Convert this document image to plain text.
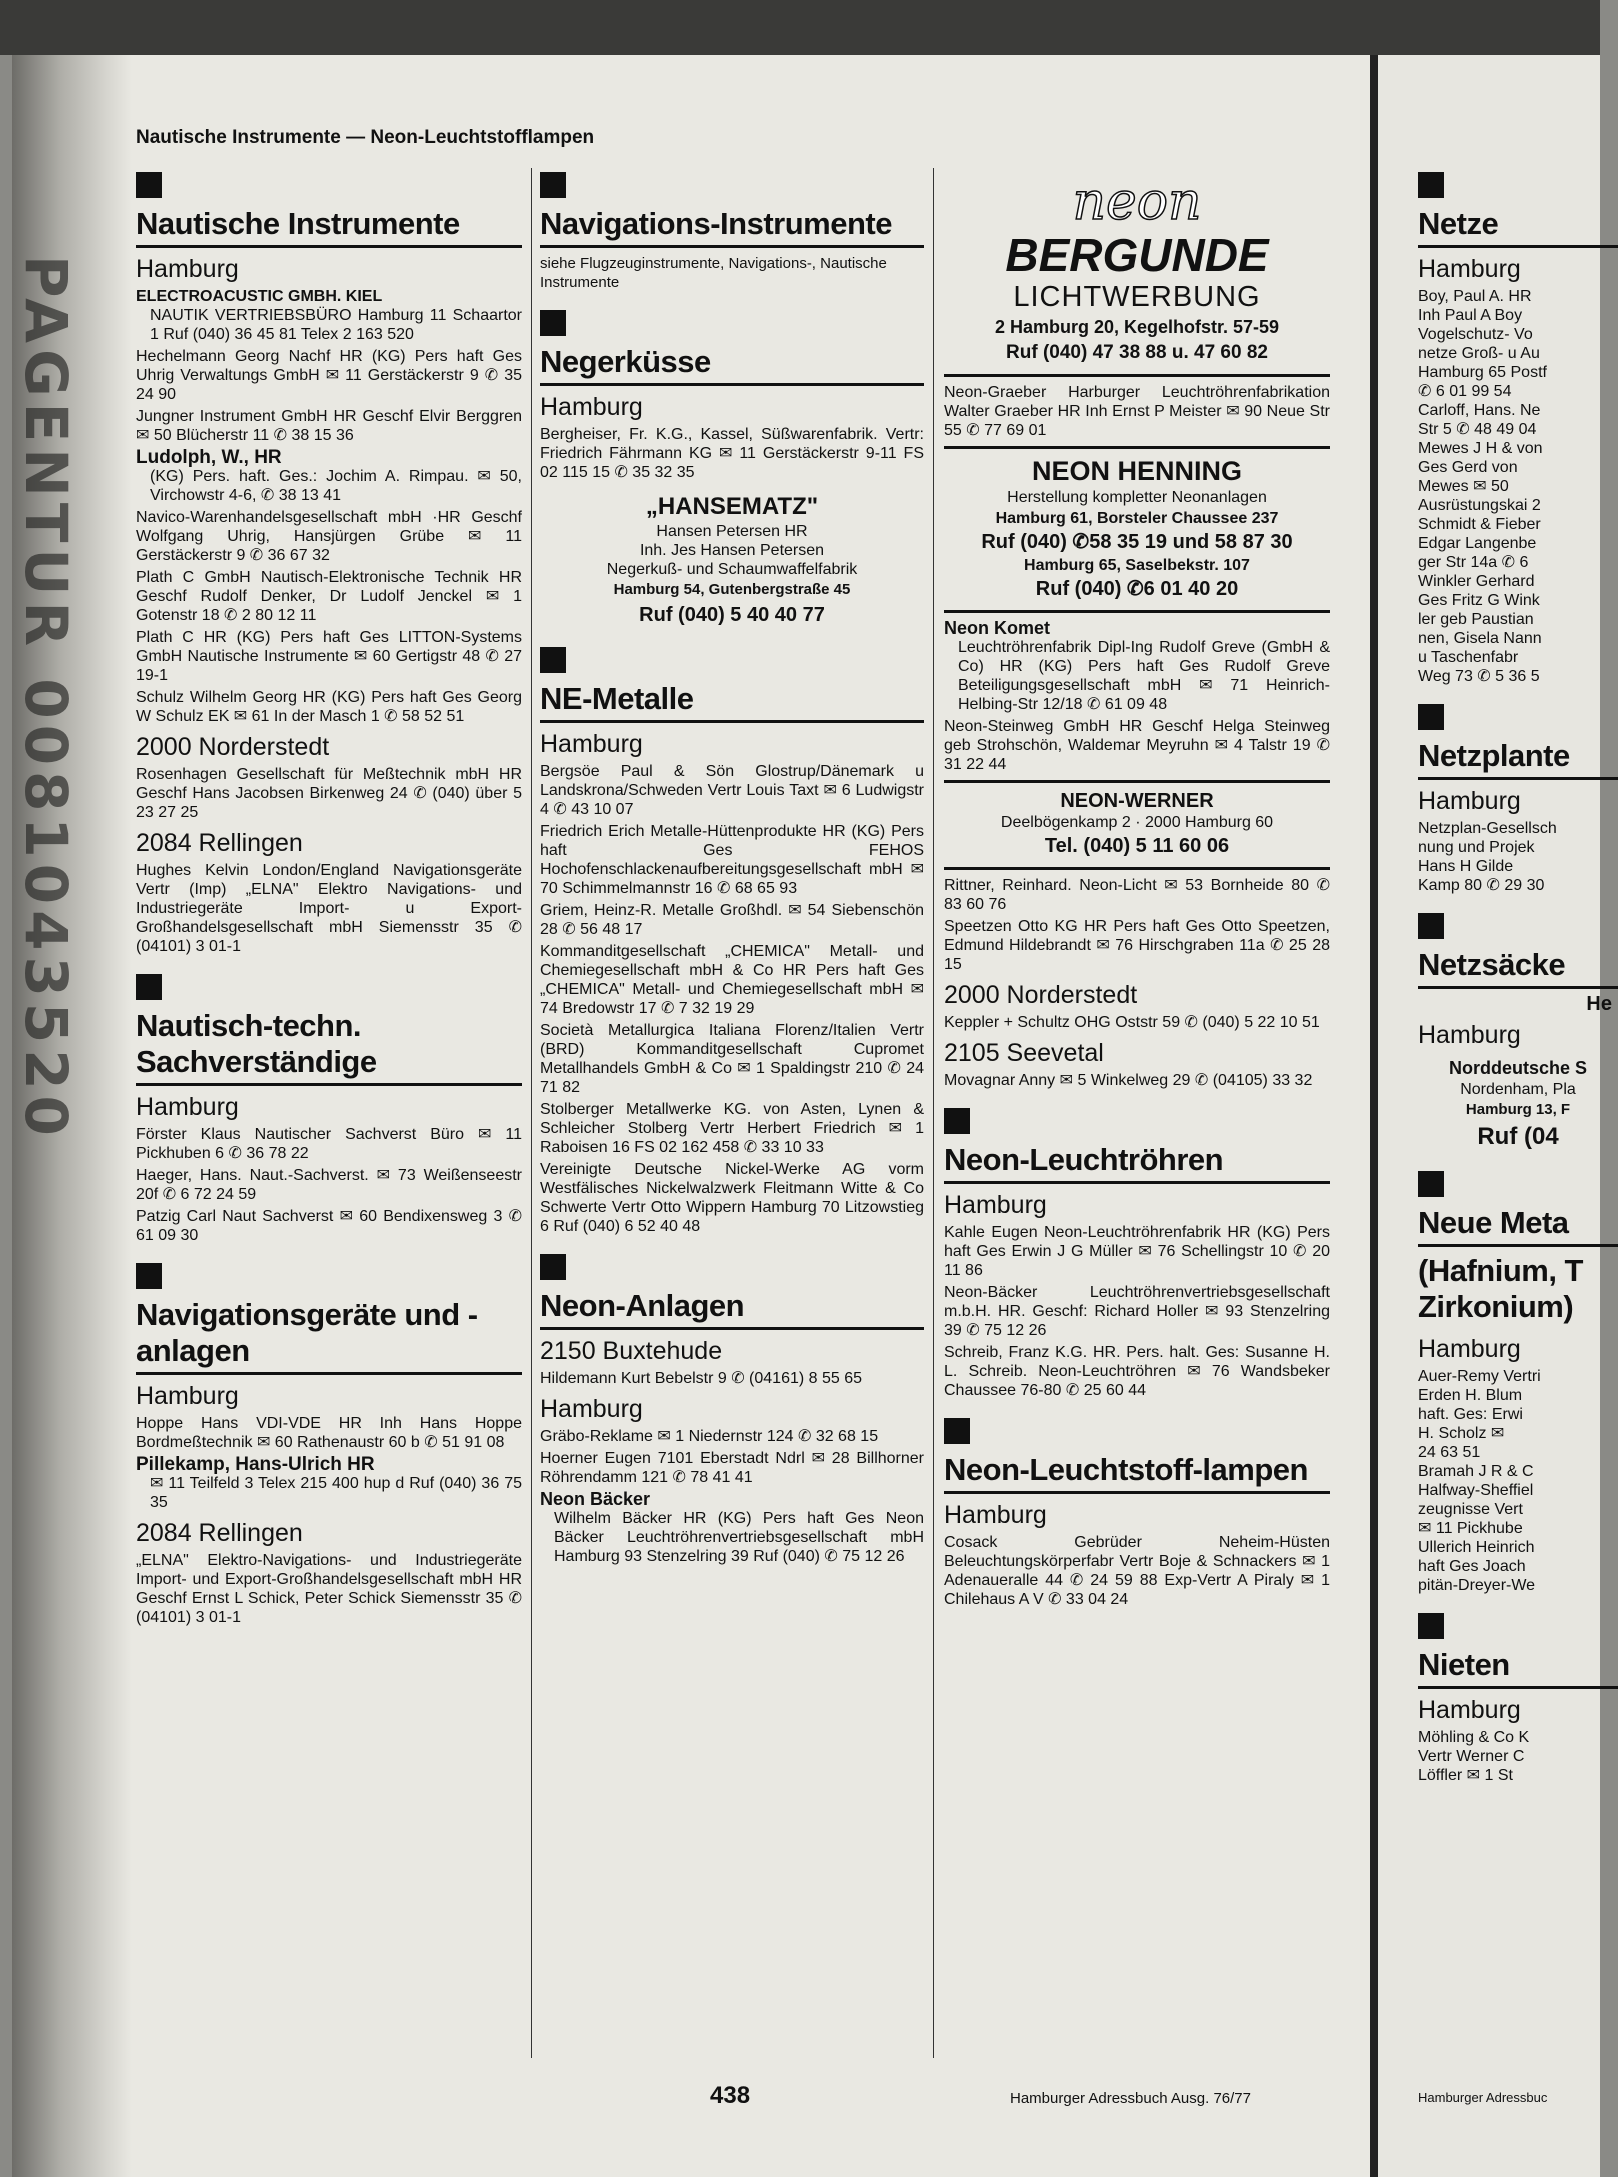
PAGENTUR 0081043520
Nautische Instrumente — Neon-Leuchtstofflampen
Nautische Instrumente
Hamburg
ELECTROACUSTIC GMBH. KIEL
NAUTIK VERTRIEBSBÜRO Hamburg 11 Schaartor 1 Ruf (040) 36 45 81 Telex 2 163 520
Hechelmann Georg Nachf HR (KG) Pers haft Ges Uhrig Verwaltungs GmbH ✉ 11 Gerstäckerstr 9 ✆ 35 24 90
Jungner Instrument GmbH HR Geschf Elvir Berggren ✉ 50 Blücherstr 11 ✆ 38 15 36
Ludolph, W., HR
(KG) Pers. haft. Ges.: Jochim A. Rimpau. ✉ 50, Virchowstr 4-6, ✆ 38 13 41
Navico-Warenhandelsgesellschaft mbH ·HR Geschf Wolfgang Uhrig, Hansjürgen Grübe ✉ 11 Gerstäckerstr 9 ✆ 36 67 32
Plath C GmbH Nautisch-Elektronische Technik HR Geschf Rudolf Denker, Dr Ludolf Jenckel ✉ 1 Gotenstr 18 ✆ 2 80 12 11
Plath C HR (KG) Pers haft Ges LITTON-Systems GmbH Nautische Instrumente ✉ 60 Gertigstr 48 ✆ 27 19-1
Schulz Wilhelm Georg HR (KG) Pers haft Ges Georg W Schulz EK ✉ 61 In der Masch 1 ✆ 58 52 51
2000 Norderstedt
Rosenhagen Gesellschaft für Meßtechnik mbH HR Geschf Hans Jacobsen Birkenweg 24 ✆ (040) über 5 23 27 25
2084 Rellingen
Hughes Kelvin London/England Navigationsgeräte Vertr (Imp) „ELNA" Elektro Navigations- und Industriegeräte Import- u Export-Großhandelsgesellschaft mbH Siemensstr 35 ✆ (04101) 3 01-1
Nautisch-techn. Sachverständige
Hamburg
Förster Klaus Nautischer Sachverst Büro ✉ 11 Pickhuben 6 ✆ 36 78 22
Haeger, Hans. Naut.-Sachverst. ✉ 73 Weißenseestr 20f ✆ 6 72 24 59
Patzig Carl Naut Sachverst ✉ 60 Bendixensweg 3 ✆ 61 09 30
Navigationsgeräte und -anlagen
Hamburg
Hoppe Hans VDI-VDE HR Inh Hans Hoppe Bordmeßtechnik ✉ 60 Rathenaustr 60 b ✆ 51 91 08
Pillekamp, Hans-Ulrich HR
✉ 11 Teilfeld 3 Telex 215 400 hup d Ruf (040) 36 75 35
2084 Rellingen
„ELNA" Elektro-Navigations- und Industriegeräte Import- und Export-Großhandelsgesellschaft mbH HR Geschf Ernst L Schick, Peter Schick Siemensstr 35 ✆ (04101) 3 01-1
Navigations-Instrumente
siehe Flugzeuginstrumente, Navigations-, Nautische Instrumente
Negerküsse
Hamburg
Bergheiser, Fr. K.G., Kassel, Süßwarenfabrik. Vertr: Friedrich Fährmann KG ✉ 11 Gerstäckerstr 9-11 FS 02 115 15 ✆ 35 32 35
„HANSEMATZ"
Hansen Petersen HR
Inh. Jes Hansen Petersen
Negerkuß- und Schaumwaffelfabrik
Hamburg 54, Gutenbergstraße 45
Ruf (040) 5 40 40 77
NE-Metalle
Hamburg
Bergsöe Paul & Sön Glostrup/Dänemark u Landskrona/Schweden Vertr Louis Taxt ✉ 6 Ludwigstr 4 ✆ 43 10 07
Friedrich Erich Metalle-Hüttenprodukte HR (KG) Pers haft Ges FEHOS Hochofenschlackenaufbereitungsgesellschaft mbH ✉ 70 Schimmelmannstr 16 ✆ 68 65 93
Griem, Heinz-R. Metalle Großhdl. ✉ 54 Siebenschön 28 ✆ 56 48 17
Kommanditgesellschaft „CHEMICA" Metall- und Chemiegesellschaft mbH & Co HR Pers haft Ges „CHEMICA" Metall- und Chemiegesellschaft mbH ✉ 74 Bredowstr 17 ✆ 7 32 19 29
Società Metallurgica Italiana Florenz/Italien Vertr (BRD) Kommanditgesellschaft Cupromet Metallhandels GmbH & Co ✉ 1 Spaldingstr 210 ✆ 24 71 82
Stolberger Metallwerke KG. von Asten, Lynen & Schleicher Stolberg Vertr Herbert Friedrich ✉ 1 Raboisen 16 FS 02 162 458 ✆ 33 10 33
Vereinigte Deutsche Nickel-Werke AG vorm Westfälisches Nickelwalzwerk Fleitmann Witte & Co Schwerte Vertr Otto Wippern Hamburg 70 Litzowstieg 6 Ruf (040) 6 52 40 48
Neon-Anlagen
2150 Buxtehude
Hildemann Kurt Bebelstr 9 ✆ (04161) 8 55 65
Hamburg
Gräbo-Reklame ✉ 1 Niedernstr 124 ✆ 32 68 15
Hoerner Eugen 7101 Eberstadt Ndrl ✉ 28 Billhorner Röhrendamm 121 ✆ 78 41 41
Neon Bäcker
Wilhelm Bäcker HR (KG) Pers haft Ges Neon Bäcker Leuchtröhrenvertriebsgesellschaft mbH Hamburg 93 Stenzelring 39 Ruf (040) ✆ 75 12 26
neon
BERGUNDE
LICHTWERBUNG
2 Hamburg 20, Kegelhofstr. 57-59
Ruf (040) 47 38 88 u. 47 60 82
Neon-Graeber Harburger Leuchtröhrenfabrikation Walter Graeber HR Inh Ernst P Meister ✉ 90 Neue Str 55 ✆ 77 69 01
NEON HENNING
Herstellung kompletter Neonanlagen
Hamburg 61, Borsteler Chaussee 237
Ruf (040) ✆58 35 19 und 58 87 30
Hamburg 65, Saselbekstr. 107
Ruf (040) ✆6 01 40 20
Neon Komet
Leuchtröhrenfabrik Dipl-Ing Rudolf Greve (GmbH & Co) HR (KG) Pers haft Ges Rudolf Greve Beteiligungsgesellschaft mbH ✉ 71 Heinrich-Helbing-Str 12/18 ✆ 61 09 48
Neon-Steinweg GmbH HR Geschf Helga Steinweg geb Strohschön, Waldemar Meyruhn ✉ 4 Talstr 19 ✆ 31 22 44
NEON-WERNER
Deelbögenkamp 2 · 2000 Hamburg 60
Tel. (040) 5 11 60 06
Rittner, Reinhard. Neon-Licht ✉ 53 Bornheide 80 ✆ 83 60 76
Speetzen Otto KG HR Pers haft Ges Otto Speetzen, Edmund Hildebrandt ✉ 76 Hirschgraben 11a ✆ 25 28 15
2000 Norderstedt
Keppler + Schultz OHG Oststr 59 ✆ (040) 5 22 10 51
2105 Seevetal
Movagnar Anny ✉ 5 Winkelweg 29 ✆ (04105) 33 32
Neon-Leuchtröhren
Hamburg
Kahle Eugen Neon-Leuchtröhrenfabrik HR (KG) Pers haft Ges Erwin J G Müller ✉ 76 Schellingstr 10 ✆ 20 11 86
Neon-Bäcker Leuchtröhrenvertriebsgesellschaft m.b.H. HR. Geschf: Richard Holler ✉ 93 Stenzelring 39 ✆ 75 12 26
Schreib, Franz K.G. HR. Pers. halt. Ges: Susanne H. L. Schreib. Neon-Leuchtröhren ✉ 76 Wandsbeker Chaussee 76-80 ✆ 25 60 44
Neon-Leuchtstoff-lampen
Hamburg
Cosack Gebrüder Neheim-Hüsten Beleuchtungskörperfabr Vertr Boje & Schnackers ✉ 1 Adenaueralle 44 ✆ 24 59 88 Exp-Vertr A Piraly ✉ 1 Chilehaus A V ✆ 33 04 24
Netze
Hamburg
Boy, Paul A. HR
Inh Paul A Boy
Vogelschutz- Vo
netze Groß- u Au
Hamburg 65 Postf
✆ 6 01 99 54
Carloff, Hans. Ne
Str 5 ✆ 48 49 04
Mewes J H & von
Ges Gerd von
Mewes ✉ 50
Ausrüstungskai 2
Schmidt & Fieber
Edgar Langenbe
ger Str 14a ✆ 6
Winkler Gerhard
Ges Fritz G Wink
ler geb Paustian
nen, Gisela Nann
u Taschenfabr
Weg 73 ✆ 5 36 5
Netzplante
Hamburg
Netzplan-Gesellsch
nung und Projek
Hans H Gilde
Kamp 80 ✆ 29 30
Netzsäcke
He
Hamburg
Norddeutsche S
Nordenham, Pla
Hamburg 13, F
Ruf (04
Neue Meta
(Hafnium, T Zirkonium)
Hamburg
Auer-Remy Vertri
Erden H. Blum
haft. Ges: Erwi
H. Scholz ✉
24 63 51
Bramah J R & C
Halfway-Sheffiel
zeugnisse Vert
✉ 11 Pickhube
Ullerich Heinrich
haft Ges Joach
pitän-Dreyer-We
Nieten
Hamburg
Möhling & Co K
Vertr Werner C
Löffler ✉ 1 St
438	Hamburger Adressbuch Ausg. 76/77	Hamburger Adressbuc
